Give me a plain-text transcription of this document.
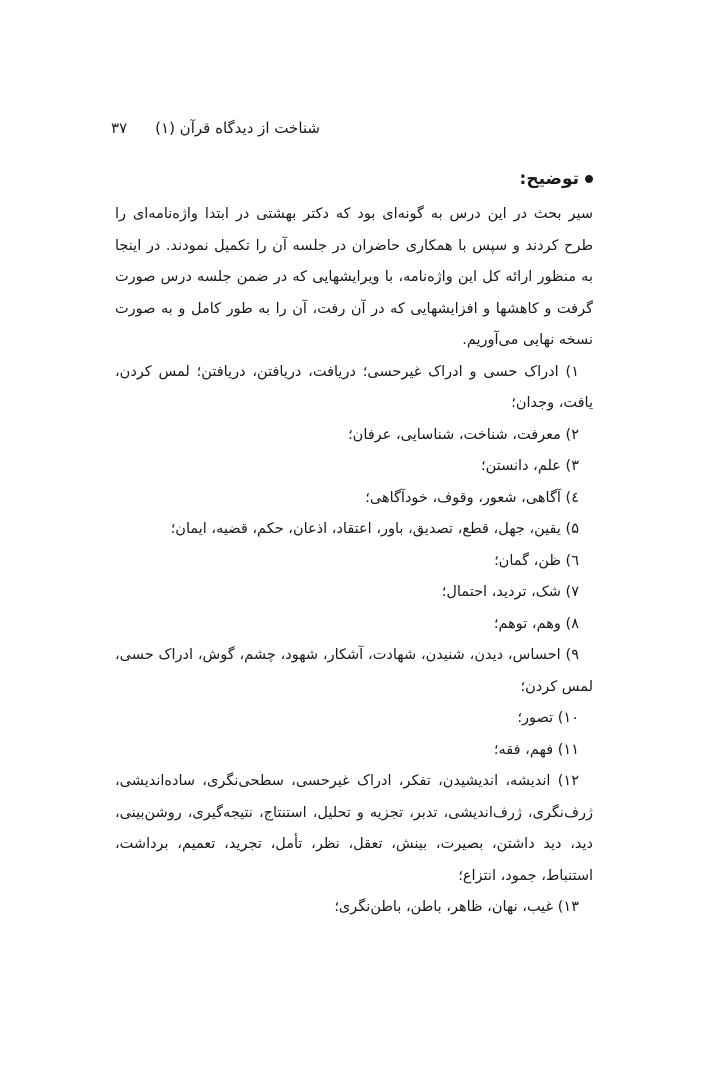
شناخت از دیدگاه قرآن (۱)
۳۷
توضیح:

سیر بحث در این درس به گونه‌ای بود که دکتر بهشتی در ابتدا واژه‌نامه‌ای را طرح کردند و سپس با همکاری حاضران در جلسه آن را تکمیل نمودند. در اینجا به منظور ارائه کل این واژه‌نامه، با ویرایشهایی که در ضمن جلسه درس صورت گرفت و کاهشها و افزایشهایی که در آن رفت، آن را به طور کامل و به صورت نسخه نهایی می‌آوریم.

۱) ادراک حسی و ادراک غیرحسی؛ دریافت، دریافتن، دریافتن؛ لمس کردن، یافت، وجدان؛
۲) معرفت، شناخت، شناسایی، عرفان؛
۳) علم، دانستن؛
٤) آگاهی، شعور، وقوف، خودآگاهی؛
۵) یقین، جهل، قطع، تصدیق، باور، اعتقاد، اذعان، حکم، قضیه، ایمان؛
٦) ظن، گمان؛
۷) شک، تردید، احتمال؛
۸) وهم، توهم؛
۹) احساس، دیدن، شنیدن، شهادت، آشکار، شهود، چشم، گوش، ادراک حسی، لمس کردن؛
۱۰) تصور؛
۱۱) فهم، فقه؛
۱۲) اندیشه، اندیشیدن، تفکر، ادراک غیرحسی، سطحی‌نگری، ساده‌اندیشی، ژرف‌نگری، ژرف‌اندیشی، تدبر، تجزیه و تحلیل، استنتاج، نتیجه‌گیری، روشن‌بینی، دید، دید داشتن، بصیرت، بینش، تعقل، نظر، تأمل، تجرید، تعمیم، برداشت، استنباط، جمود، انتزاع؛
۱۳) غیب، نهان، ظاهر، باطن، باطن‌نگری؛
